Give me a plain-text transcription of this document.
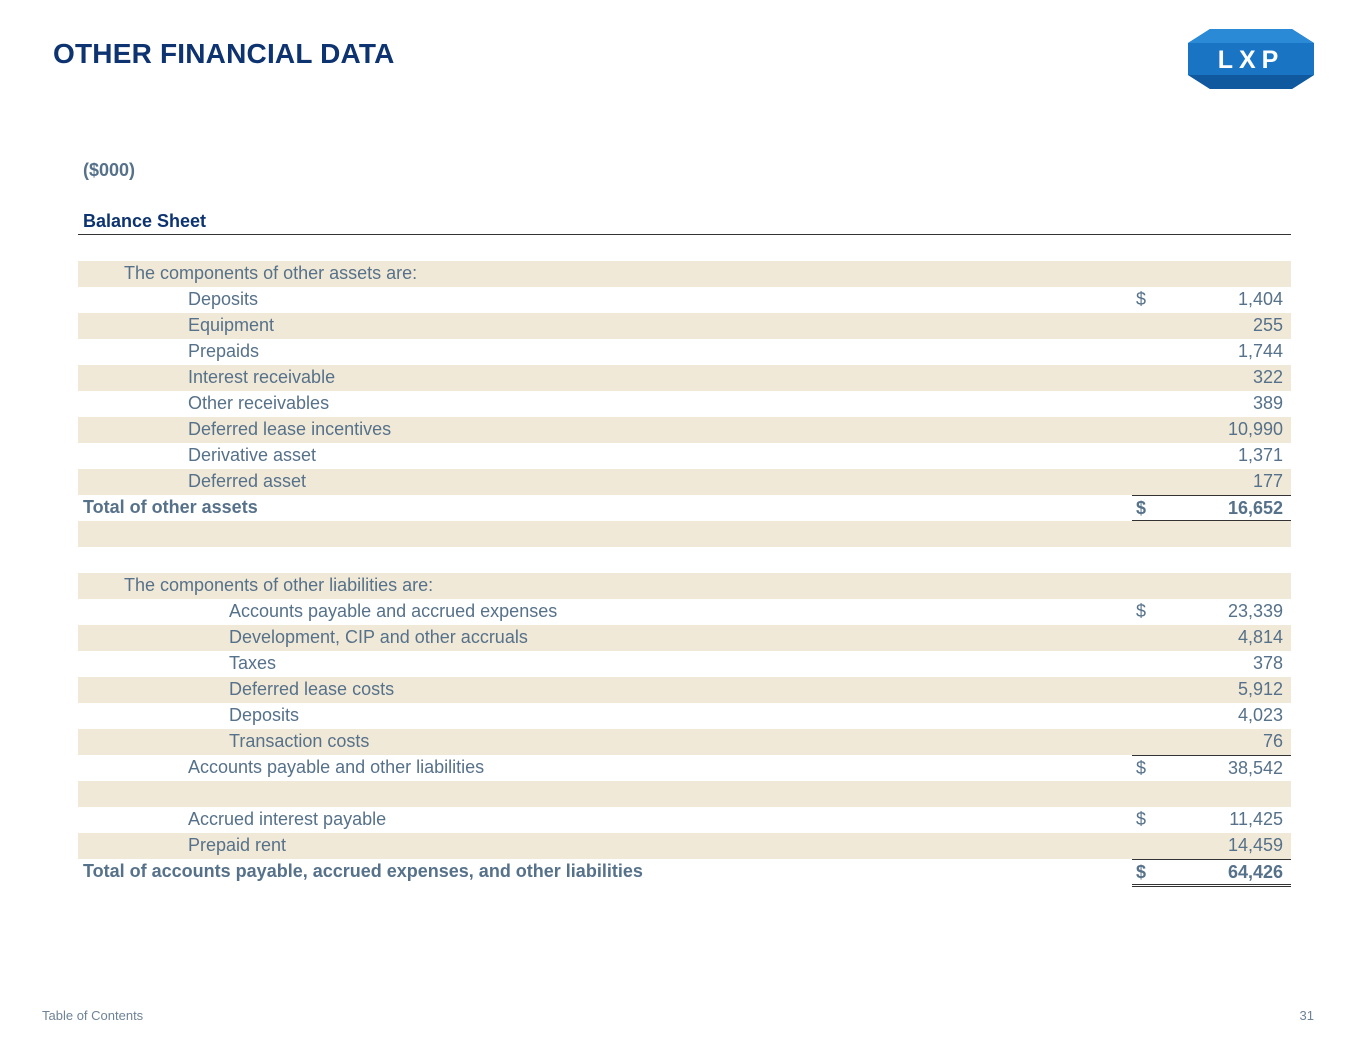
OTHER FINANCIAL DATA	LXP
($000)
Balance Sheet
The components of other assets are:
Deposits	$	1,404
Equipment	255
Prepaids	1,744
Interest receivable	322
Other receivables	389
Deferred lease incentives	10,990
Derivative asset	1,371
Deferred asset	177
Total of other assets	$	16,652
The components of other liabilities are:
Accounts payable and accrued expenses	$	23,339
Development, CIP and other accruals	4,814
Taxes	378
Deferred lease costs	5,912
Deposits	4,023
Transaction costs	76
Accounts payable and other liabilities	$	38,542
Accrued interest payable	$	11,425
Prepaid rent	14,459
Total of accounts payable, accrued expenses, and other liabilities	$	64,426
Table of Contents	31
